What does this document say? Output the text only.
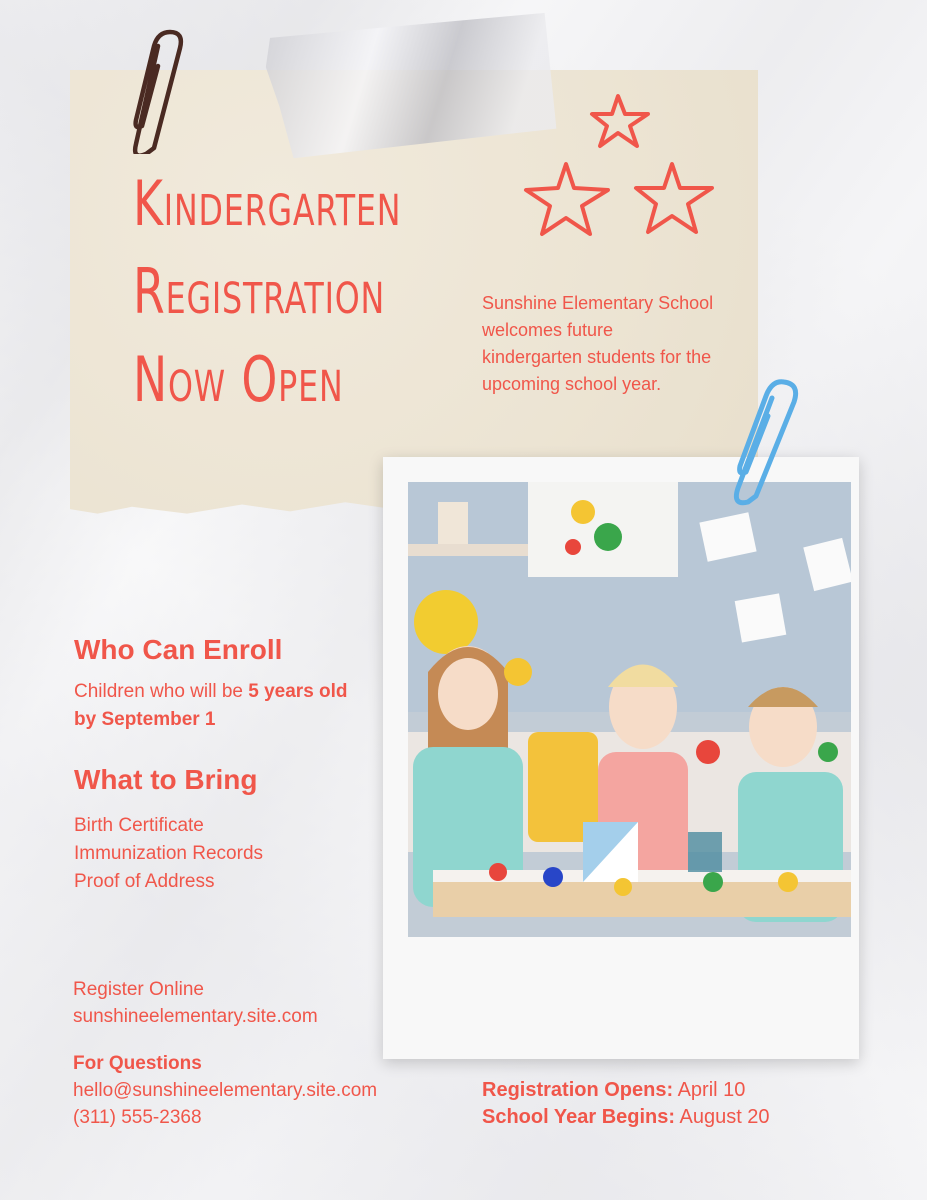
Kindergarten
Registration
Now Open
Sunshine Elementary School welcomes future kindergarten students for the upcoming school year.
Who Can Enroll
Children who will be 5 years old by September 1
What to Bring
Birth Certificate
Immunization Records
Proof of Address
Register Online
sunshineelementary.site.com
For Questions
hello@sunshineelementary.site.com
(311) 555-2368
Registration Opens: April 10
School Year Begins: August 20
